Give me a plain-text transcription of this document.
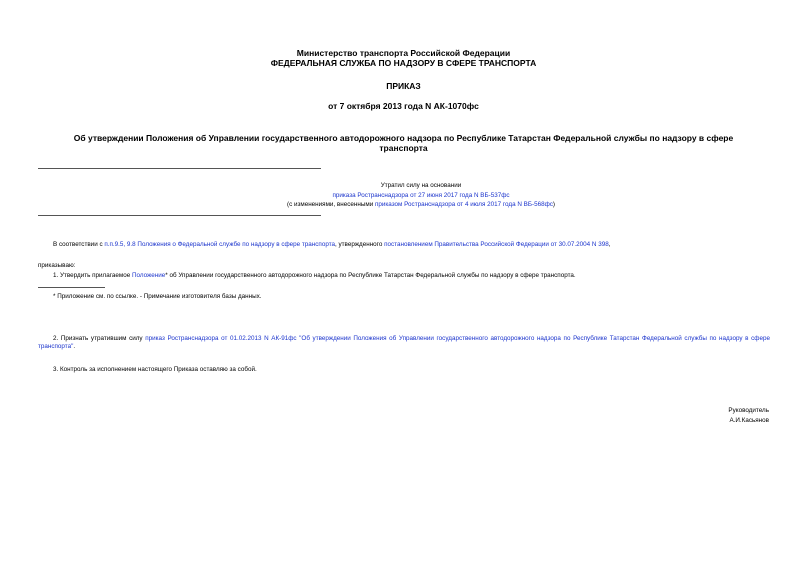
Министерство транспорта Российской Федерации
ФЕДЕРАЛЬНАЯ СЛУЖБА ПО НАДЗОРУ В СФЕРЕ ТРАНСПОРТА
ПРИКАЗ
от 7 октября 2013 года N АК-1070фс
Об утверждении Положения об Управлении государственного автодорожного надзора по Республике Татарстан Федеральной службы по надзору в сфере
транспорта
Утратил силу на основании
приказа Ространснадзора от 27 июня 2017 года N ВБ-537фс
(с изменениями, внесенными приказом Ространснадзора от 4 июля 2017 года N ВБ-568фс)
В соответствии с п.п.9.5, 9.8 Положения о Федеральной службе по надзору в сфере транспорта, утвержденного постановлением Правительства Российской Федерации от 30.07.2004 N 398,
приказываю:
1. Утвердить прилагаемое Положение* об Управлении государственного автодорожного надзора по Республике Татарстан Федеральной службы по надзору в сфере транспорта.
* Приложение см. по ссылке. - Примечание изготовителя базы данных.
2. Признать утратившим силу приказ Ространснадзора от 01.02.2013 N АК-91фс "Об утверждении Положения об Управлении государственного автодорожного надзора по Республике Татарстан Федеральной службы по надзору в сфере транспорта".
3. Контроль за исполнением настоящего Приказа оставляю за собой.
Руководитель
А.И.Касьянов
